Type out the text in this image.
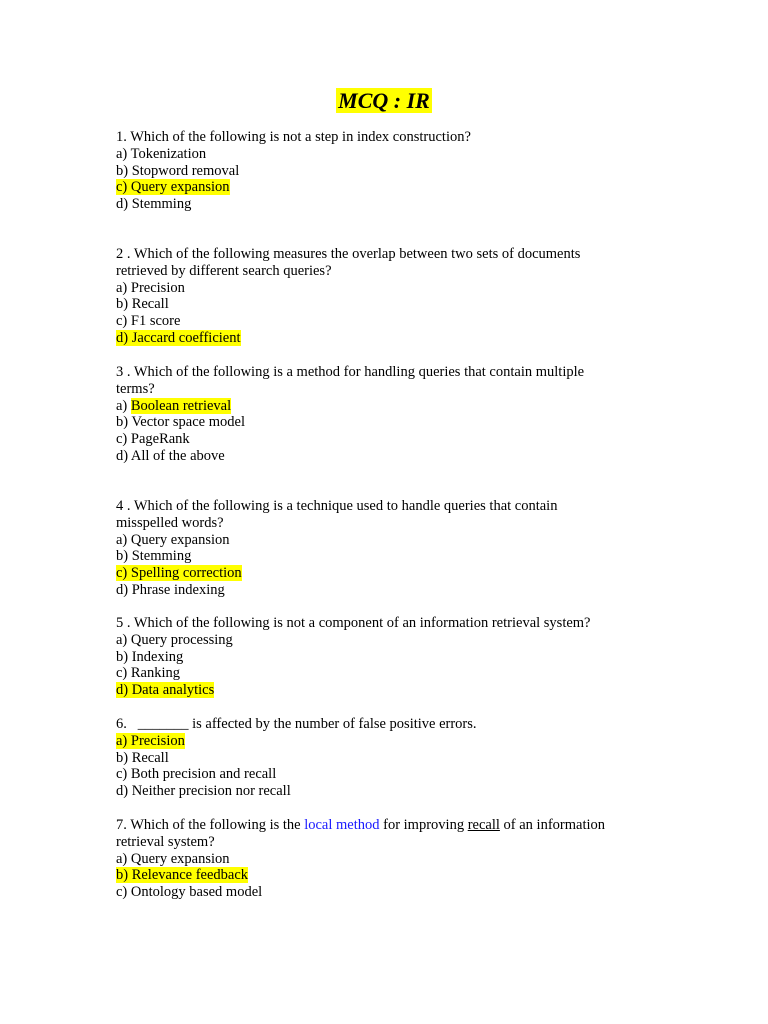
MCQ : IR
1. Which of the following is not a step in index construction?
a) Tokenization
b) Stopword removal
c) Query expansion
d) Stemming
2 . Which of the following measures the overlap between two sets of documents
retrieved by different search queries?
a) Precision
b) Recall
c) F1 score
d) Jaccard coefficient
3 . Which of the following is a method for handling queries that contain multiple
terms?
a) Boolean retrieval
b) Vector space model
c) PageRank
d) All of the above
4 . Which of the following is a technique used to handle queries that contain
misspelled words?
a) Query expansion
b) Stemming
c) Spelling correction
d) Phrase indexing
5 . Which of the following is not a component of an information retrieval system?
a) Query processing
b) Indexing
c) Ranking
d) Data analytics
6. _______ is affected by the number of false positive errors.
a) Precision
b) Recall
c) Both precision and recall
d) Neither precision nor recall
7. Which of the following is the local method for improving recall of an information
retrieval system?
a) Query expansion
b) Relevance feedback
c) Ontology based model
